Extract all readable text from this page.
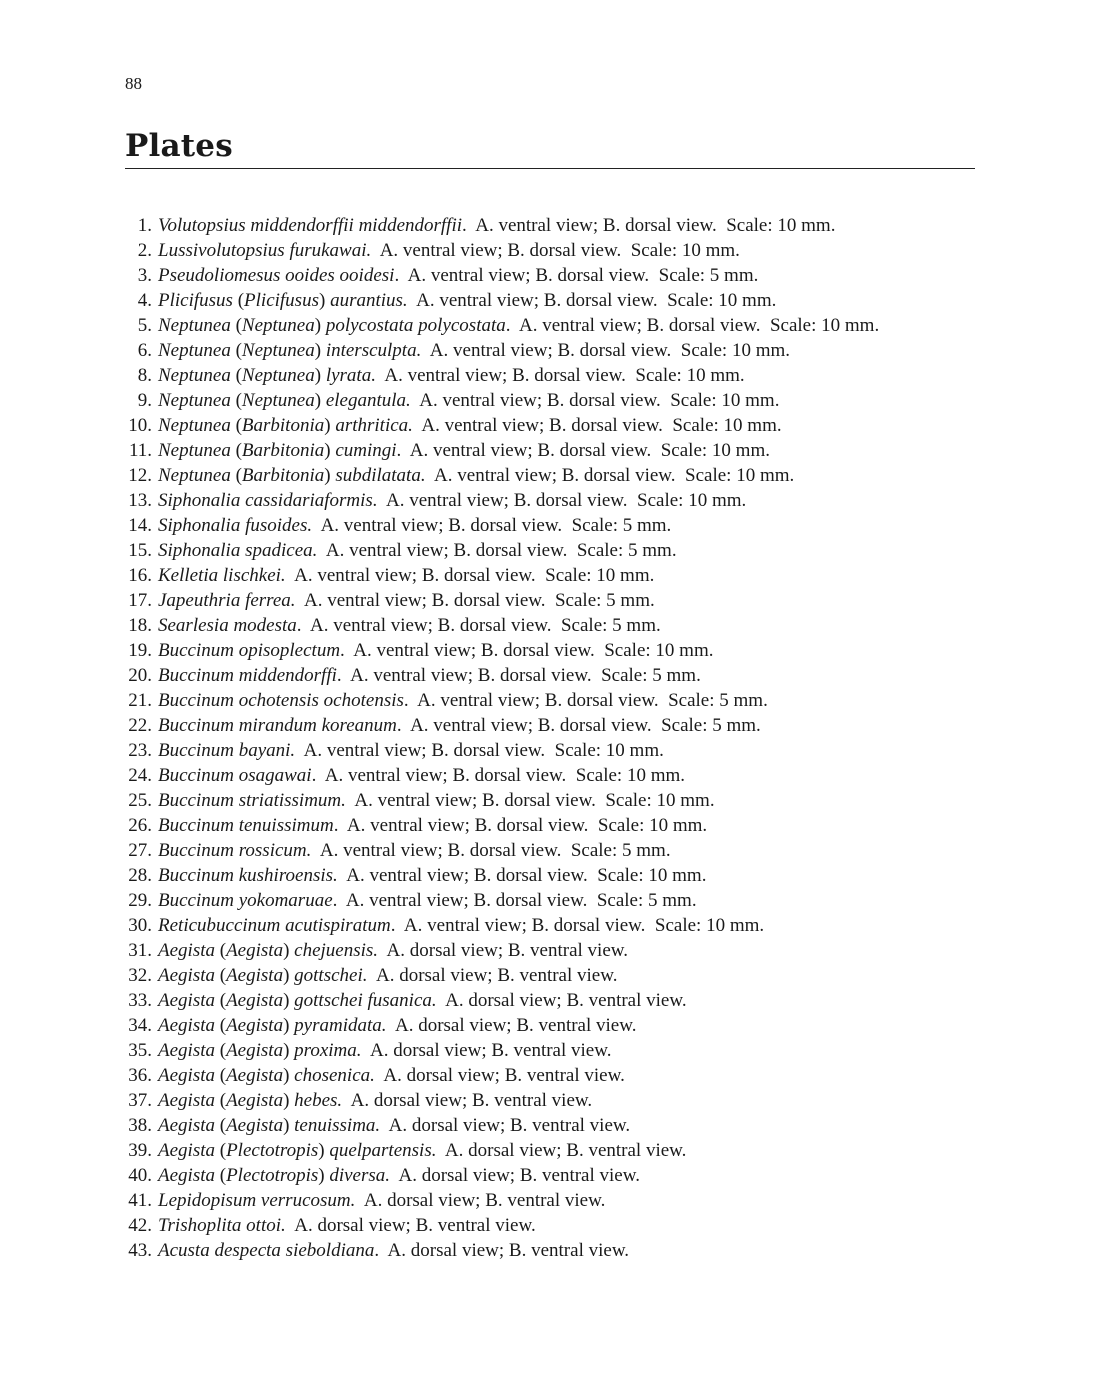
88
Plates
1. Volutopsius middendorffii middendorffii.  A. ventral view; B. dorsal view.  Scale: 10 mm.
2. Lussivolutopsius furukawai.  A. ventral view; B. dorsal view.  Scale: 10 mm.
3. Pseudoliomesus ooides ooidesi.  A. ventral view; B. dorsal view.  Scale: 5 mm.
4. Plicifusus (Plicifusus) aurantius.  A. ventral view; B. dorsal view.  Scale: 10 mm.
5. Neptunea (Neptunea) polycostata polycostata.  A. ventral view; B. dorsal view.  Scale: 10 mm.
6. Neptunea (Neptunea) intersculpta.  A. ventral view; B. dorsal view.  Scale: 10 mm.
8. Neptunea (Neptunea) lyrata.  A. ventral view; B. dorsal view.  Scale: 10 mm.
9. Neptunea (Neptunea) elegantula.  A. ventral view; B. dorsal view.  Scale: 10 mm.
10. Neptunea (Barbitonia) arthritica.  A. ventral view; B. dorsal view.  Scale: 10 mm.
11. Neptunea (Barbitonia) cumingi.  A. ventral view; B. dorsal view.  Scale: 10 mm.
12. Neptunea (Barbitonia) subdilatata.  A. ventral view; B. dorsal view.  Scale: 10 mm.
13. Siphonalia cassidariaformis.  A. ventral view; B. dorsal view.  Scale: 10 mm.
14. Siphonalia fusoides.  A. ventral view; B. dorsal view.  Scale: 5 mm.
15. Siphonalia spadicea.  A. ventral view; B. dorsal view.  Scale: 5 mm.
16. Kelletia lischkei.  A. ventral view; B. dorsal view.  Scale: 10 mm.
17. Japeuthria ferrea.  A. ventral view; B. dorsal view.  Scale: 5 mm.
18. Searlesia modesta.  A. ventral view; B. dorsal view.  Scale: 5 mm.
19. Buccinum opisoplectum.  A. ventral view; B. dorsal view.  Scale: 10 mm.
20. Buccinum middendorffi.  A. ventral view; B. dorsal view.  Scale: 5 mm.
21. Buccinum ochotensis ochotensis.  A. ventral view; B. dorsal view.  Scale: 5 mm.
22. Buccinum mirandum koreanum.  A. ventral view; B. dorsal view.  Scale: 5 mm.
23. Buccinum bayani.  A. ventral view; B. dorsal view.  Scale: 10 mm.
24. Buccinum osagawai.  A. ventral view; B. dorsal view.  Scale: 10 mm.
25. Buccinum striatissimum.  A. ventral view; B. dorsal view.  Scale: 10 mm.
26. Buccinum tenuissimum.  A. ventral view; B. dorsal view.  Scale: 10 mm.
27. Buccinum rossicum.  A. ventral view; B. dorsal view.  Scale: 5 mm.
28. Buccinum kushiroensis.  A. ventral view; B. dorsal view.  Scale: 10 mm.
29. Buccinum yokomaruae.  A. ventral view; B. dorsal view.  Scale: 5 mm.
30. Reticubuccinum acutispiratum.  A. ventral view; B. dorsal view.  Scale: 10 mm.
31. Aegista (Aegista) chejuensis.  A. dorsal view; B. ventral view.
32. Aegista (Aegista) gottschei.  A. dorsal view; B. ventral view.
33. Aegista (Aegista) gottschei fusanica.  A. dorsal view; B. ventral view.
34. Aegista (Aegista) pyramidata.  A. dorsal view; B. ventral view.
35. Aegista (Aegista) proxima.  A. dorsal view; B. ventral view.
36. Aegista (Aegista) chosenica.  A. dorsal view; B. ventral view.
37. Aegista (Aegista) hebes.  A. dorsal view; B. ventral view.
38. Aegista (Aegista) tenuissima.  A. dorsal view; B. ventral view.
39. Aegista (Plectotropis) quelpartensis.  A. dorsal view; B. ventral view.
40. Aegista (Plectotropis) diversa.  A. dorsal view; B. ventral view.
41. Lepidopisum verrucosum.  A. dorsal view; B. ventral view.
42. Trishoplita ottoi.  A. dorsal view; B. ventral view.
43. Acusta despecta sieboldiana.  A. dorsal view; B. ventral view.
